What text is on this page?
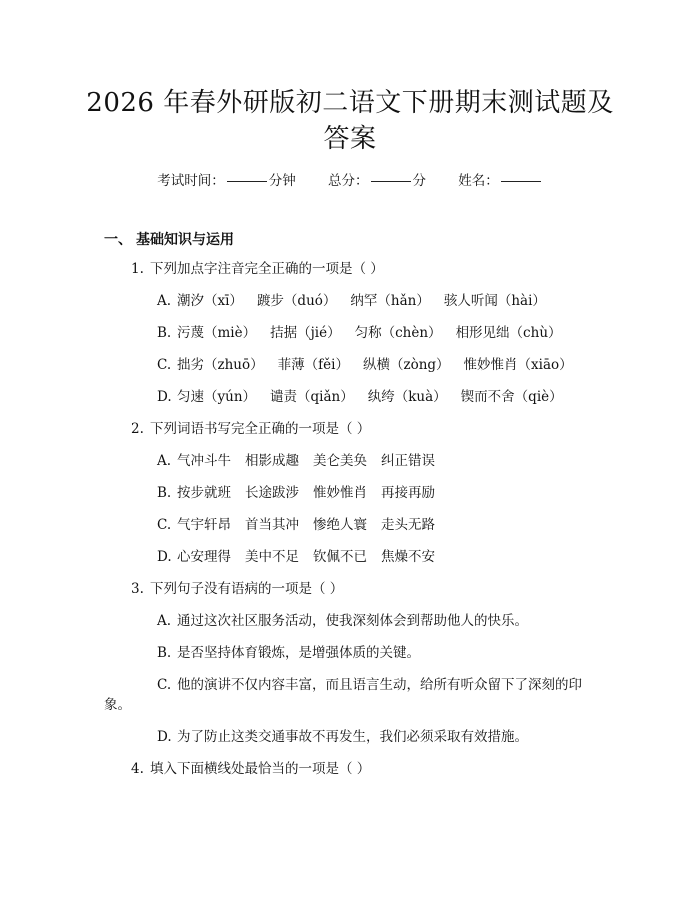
2026 年春外研版初二语文下册期末测试题及
答案
考试时间：	分钟 总分：	分 姓名：
一、 基础知识与运用
1. 下列加点字注音完全正确的一项是（ ）
A. 潮汐（xī） 踱步（duó） 纳罕（hǎn） 骇人听闻（hài）
B. 污蔑（miè） 拮据（jié） 匀称（chèn） 相形见绌（chù）
C. 拙劣（zhuō） 菲薄（fěi） 纵横（zòng） 惟妙惟肖（xiāo）
D. 匀速（yún） 谴责（qiǎn） 纨绔（kuà） 锲而不舍（qiè）
2. 下列词语书写完全正确的一项是（ ）
A. 气冲斗牛 相影成趣 美仑美奂 纠正错误
B. 按步就班 长途跋涉 惟妙惟肖 再接再励
C. 气宇轩昂 首当其冲 惨绝人寰 走头无路
D. 心安理得 美中不足 钦佩不已 焦燥不安
3. 下列句子没有语病的一项是（ ）
A. 通过这次社区服务活动，使我深刻体会到帮助他人的快乐。
B. 是否坚持体育锻炼，是增强体质的关键。
C. 他的演讲不仅内容丰富，而且语言生动，给所有听众留下了深刻的印
象。
D. 为了防止这类交通事故不再发生，我们必须采取有效措施。
4. 填入下面横线处最恰当的一项是（ ）
